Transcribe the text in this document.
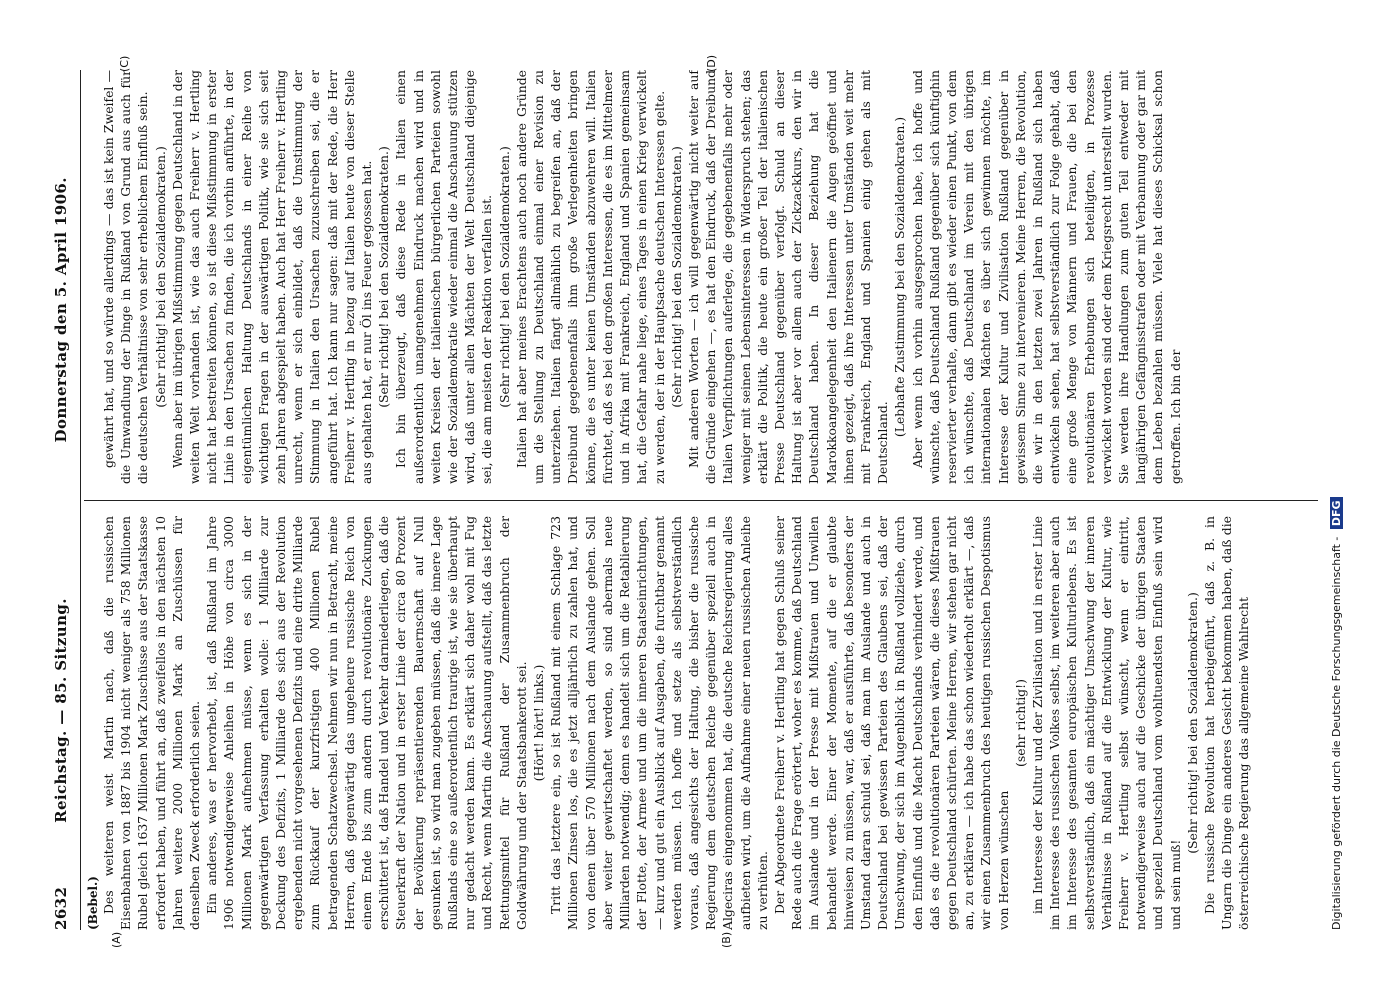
2632
Reichstag. — 85. Sitzung. Donnerstag den 5. April 1906.
(Bebel.)
(A)	(B)
(C)	(D)

Des weiteren weist Martin nach, daß die russischen Eisenbahnen von 1887 bis 1904 nicht weniger als 758 Millionen Rubel gleich 1637 Millionen Mark Zuschüsse aus der Staatskasse erfordert haben, und führt an, daß zweifellos in den nächsten 10 Jahren weitere 2000 Millionen Mark an Zuschüssen für denselben Zweck erforderlich seien. Ein anderes, was er hervorhebt, ist, daß Rußland im Jahre 1906 notwendigerweise Anleihen in Höhe von circa 3000 Millionen Mark aufnehmen müsse, wenn es sich in der gegenwärtigen Verfassung erhalten wolle: 1 Milliarde zur Deckung des Defizits, 1 Milliarde des sich aus der Revolution ergebenden nicht vorgesehenen Defizits und eine dritte Milliarde zum Rückkauf der kurzfristigen 400 Millionen Rubel betragenden Schatzwechsel. Nehmen wir nun in Betracht, meine Herren, daß gegenwärtig das ungeheure russische Reich von einem Ende bis zum andern durch revolutionäre Zuckungen erschüttert ist, daß Handel und Verkehr darniederliegen, daß die Steuerkraft der Nation und in erster Linie der circa 80 Prozent der Bevölkerung repräsentierenden Bauernschaft auf Null gesunken ist, so wird man zugeben müssen, daß die innere Lage Rußlands eine so außerordentlich traurige ist, wie sie überhaupt nur gedacht werden kann. Es erklärt sich daher wohl mit Fug und Recht, wenn Martin die Anschauung aufstellt, daß das letzte Rettungsmittel für Rußland der Zusammenbruch der Goldwährung und der Staatsbankerott sei. (Hört! hört! links.) Tritt das letztere ein, so ist Rußland mit einem Schlage 723 Millionen Zinsen los, die es jetzt alljährlich zu zahlen hat, und von denen über 570 Millionen nach dem Auslande gehen. Soll aber weiter gewirtschaftet werden, so sind abermals neue Milliarden notwendig; denn es handelt sich um die Retablierung der Flotte, der Armee und um die inneren Staatseinrichtungen, — kurz und gut ein Ausblick auf Ausgaben, die furchtbar genannt werden müssen. Ich hoffe und setze als selbstverständlich voraus, daß angesichts der Haltung, die bisher die russische Regierung dem deutschen Reiche gegenüber speziell auch in Algeciras eingenommen hat, die deutsche Reichsregierung alles aufbieten wird, um die Aufnahme einer neuen russischen Anleihe zu verhüten. Der Abgeordnete Freiherr v. Hertling hat gegen Schluß seiner Rede auch die Frage erörtert, woher es komme, daß Deutschland im Auslande und in der Presse mit Mißtrauen und Unwillen behandelt werde. Einer der Momente, auf die er glaubte hinweisen zu müssen, war, daß er ausführte, daß besonders der Umstand daran schuld sei, daß man im Auslande und auch in Deutschland bei gewissen Parteien des Glaubens sei, daß der Umschwung, der sich im Augenblick in Rußland vollziehe, durch den Einfluß und die Macht Deutschlands verhindert werde, und daß es die revolutionären Parteien wären, die dieses Mißtrauen gegen Deutschland schürten. Meine Herren, wir stehen gar nicht an, zu erklären — ich habe das schon wiederholt erklärt —, daß wir einen Zusammenbruch des heutigen russischen Despotismus von Herzen wünschen

(sehr richtig!) im Interesse der Kultur und der Zivilisation und in erster Linie im Interesse des russischen Volkes selbst, im weiteren aber auch im Interesse des gesamten europäischen Kulturlebens. Es ist selbstverständlich, daß ein mächtiger Umschwung der inneren Verhältnisse in Rußland auf die Entwicklung der Kultur, wie Freiherr v. Hertling selbst wünscht, wenn er eintritt, notwendigerweise auch auf die Geschicke der übrigen Staaten und speziell Deutschland vom wohltuendsten Einfluß sein wird und sein muß!

(Sehr richtig! bei den Sozialdemokraten.) Die russische Revolution hat herbeigeführt, daß z. B. in Ungarn die Dinge ein anderes Gesicht bekommen haben, daß die österreichische Regierung das allgemeine Wahlrecht

gewährt hat, und so würde allerdings — das ist kein Zweifel — die Umwandlung der Dinge in Rußland von Grund aus auch für die deutschen Verhältnisse von sehr erheblichem Einfluß sein. (Sehr richtig! bei den Sozialdemokraten.) Wenn aber im übrigen Mißstimmung gegen Deutschland in der weiten Welt vorhanden ist, wie das auch Freiherr v. Hertling nicht hat bestreiten können, so ist diese Mißstimmung in erster Linie in den Ursachen zu finden, die ich vorhin anführte, in der eigentümlichen Haltung Deutschlands in einer Reihe von wichtigen Fragen in der auswärtigen Politik, wie sie sich seit zehn Jahren abgespielt haben. Auch hat Herr Freiherr v. Hertling unrecht, wenn er sich einbildet, daß die Umstimmung der Stimmung in Italien den Ursachen zuzuschreiben sei, die er angeführt hat. Ich kann nur sagen: daß mit der Rede, die Herr Freiherr v. Hertling in bezug auf Italien heute von dieser Stelle aus gehalten hat, er nur Öl ins Feuer gegossen hat. (Sehr richtig! bei den Sozialdemokraten.) Ich bin überzeugt, daß diese Rede in Italien einen außerordentlich unangenehmen Eindruck machen wird und in weiten Kreisen der italienischen bürgerlichen Parteien sowohl wie der Sozialdemokratie wieder einmal die Anschauung stützen wird, daß unter allen Mächten der Welt Deutschland diejenige sei, die am meisten der Reaktion verfallen ist. (Sehr richtig! bei den Sozialdemokraten.) Italien hat aber meines Erachtens auch noch andere Gründe um die Stellung zu Deutschland einmal einer Revision zu unterziehen. Italien fängt allmählich zu begreifen an, daß der Dreibund gegebenenfalls ihm große Verlegenheiten bringen könne, die es unter keinen Umständen abzuwehren will. Italien fürchtet, daß es bei den großen Interessen, die es im Mittelmeer und in Afrika mit Frankreich, England und Spanien gemeinsam hat, die Gefahr nahe liege, eines Tages in einen Krieg verwickelt zu werden, der in der Hauptsache deutschen Interessen gelte. (Sehr richtig! bei den Sozialdemokraten.) Mit anderen Worten — ich will gegenwärtig nicht weiter auf die Gründe eingehen —, es hat den Eindruck, daß der Dreibund Italien Verpflichtungen auferlege, die gegebenenfalls mehr oder weniger mit seinen Lebensinteressen in Widerspruch stehen; das erklärt die Politik, die heute ein großer Teil der italienischen Presse Deutschland gegenüber verfolgt. Schuld an dieser Haltung ist aber vor allem auch der Zickzackkurs, den wir in Deutschland haben. In dieser Beziehung hat die Marokkoangelegenheit den Italienern die Augen geöffnet und ihnen gezeigt, daß ihre Interessen unter Umständen weit mehr mit Frankreich, England und Spanien einig gehen als mit Deutschland.

(Lebhafte Zustimmung bei den Sozialdemokraten.) Aber wenn ich vorhin ausgesprochen habe, ich hoffe und wünschte, daß Deutschland Rußland gegenüber sich künftighin reservierter verhalte, dann gibt es wieder einen Punkt, von dem ich wünschte, daß Deutschland im Verein mit den übrigen internationalen Mächten es über sich gewinnen möchte, im Interesse der Kultur und Zivilisation Rußland gegenüber in gewissem Sinne zu intervenieren. Meine Herren, die Revolution, die wir in den letzten zwei Jahren in Rußland sich haben entwickeln sehen, hat selbstverständlich zur Folge gehabt, daß eine große Menge von Männern und Frauen, die bei den revolutionären Erhebungen sich beteiligten, in Prozesse verwickelt worden sind oder dem Kriegsrecht unterstellt wurden. Sie werden ihre Handlungen zum guten Teil entweder mit langjährigen Gefängnisstrafen oder mit Verbannung oder gar mit dem Leben bezahlen müssen. Viele hat dieses Schicksal schon getroffen. Ich bin der

Digitalisierung gefördert durch die Deutsche Forschungsgemeinschaft - DFG
